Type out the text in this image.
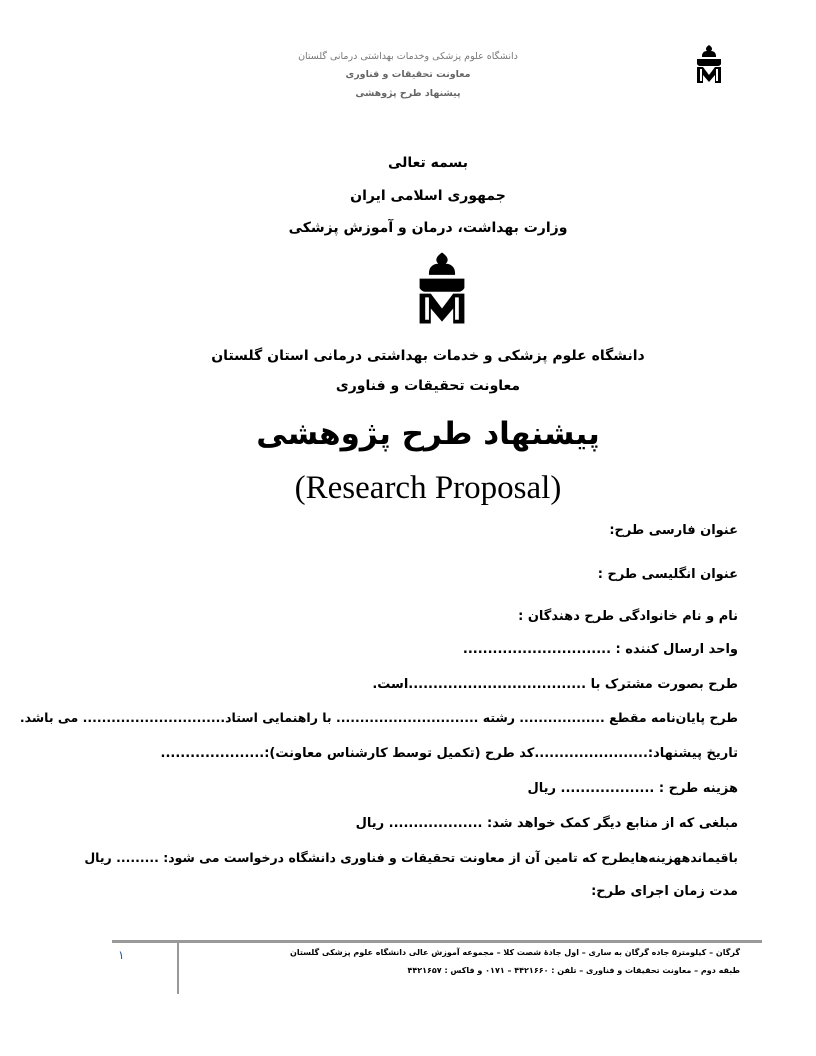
دانشگاه علوم پزشکی وخدمات بهداشتی درمانی گلستان
معاونت تحقیقات و فناوری
پیشنهاد طرح پژوهشی
بسمه تعالی
جمهوری اسلامی ایران
وزارت بهداشت، درمان و آموزش پزشکی
دانشگاه علوم پزشکی و خدمات بهداشتی درمانی استان گلستان
معاونت تحقیقات و فناوری
پیشنهاد طرح پژوهشی
(Research Proposal)
عنوان فارسی طرح:
عنوان انگلیسی طرح :
نام و نام خانوادگی طرح دهندگان :
واحد ارسال کننده : ..............................
طرح بصورت مشترک با ....................................است.
طرح پایان‌نامه مقطع .................. رشته .............................. با راهنمایی استاد.............................. می باشد.
تاریخ پیشنهاد:.......................کد طرح (تکمیل توسط کارشناس معاونت):.....................
هزینه طرح : ................... ریال
مبلغی که از منابع دیگر کمک خواهد شد: ................... ریال
باقیماندههزینه‌هایطرح که تامین آن از معاونت تحقیقات و فناوری دانشگاه درخواست می شود: ......... ریال
مدت زمان اجرای طرح:
۱	گرگان – کیلومتر۵ جاده گرگان به ساری – اول جادۀ شصت کلا – مجموعه آموزش عالی دانشگاه علوم پزشکی گلستان
طبقه دوم – معاونت تحقیقات و فناوری – تلفن : ۴۴۲۱۶۶۰ – ۰۱۷۱ و فاکس : ۴۴۲۱۶۵۷
